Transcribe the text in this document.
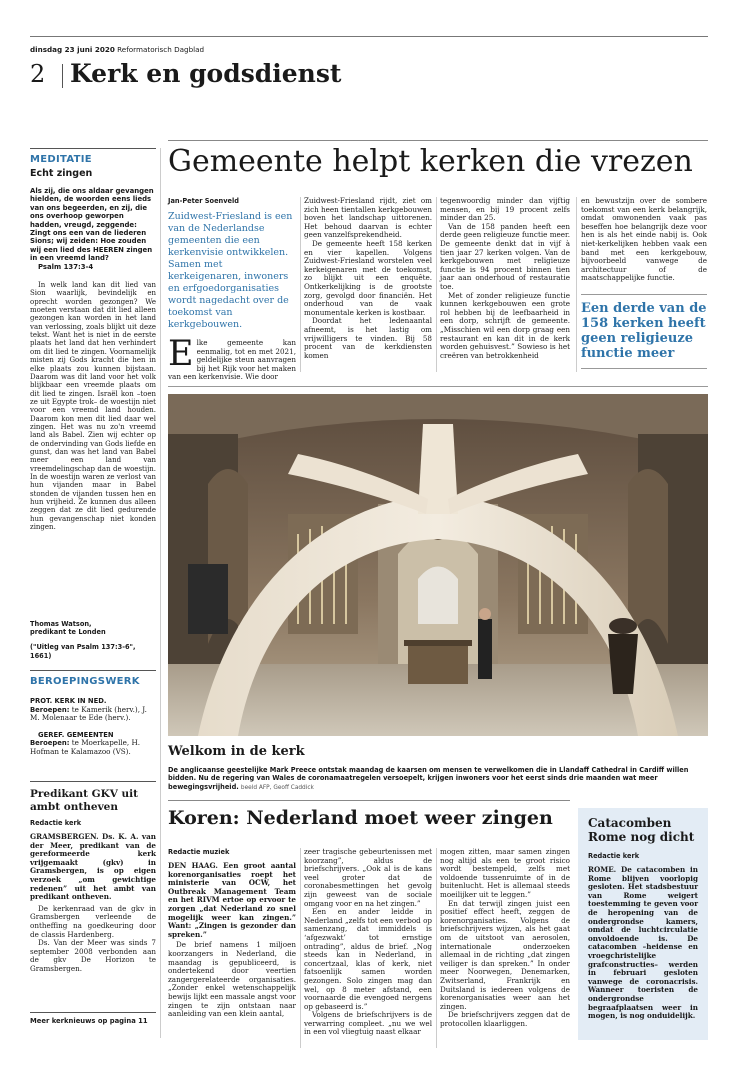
dinsdag 23 juni 2020 Reformatorisch Dagblad
2 Kerk en godsdienst
MEDITATIE
Echt zingen

Als zij, die ons aldaar gevangen hielden, de woorden eens lieds van ons begeerden, en zij, die ons overhoop geworpen hadden, vreugd, zeggende: Zingt ons een van de liederen Sions; wij zeiden: Hoe zouden wij een lied des HEEREN zingen in een vreemd land?

Psalm 137:3-4

In welk land kan dit lied van Sion waarlijk, bevindelijk en oprecht worden gezongen? We moeten verstaan dat dit lied alleen gezongen kan worden in het land van verlossing, zoals blijkt uit deze tekst. Want het is niet in de eerste plaats het land dat hen verhindert om dit lied te zingen. Voornamelijk misten zij Gods kracht die hen in elke plaats zou kunnen bijstaan. Daarom was dit land voor het volk blijkbaar een vreemde plaats om dit lied te zingen. Israël kon –toen ze uit Egypte trok– de woestijn niet voor een vreemd land houden. Daarom kon men dit lied daar wel zingen. Het was nu zo'n vreemd land als Babel. Zien wij echter op de ondervinding van Gods liefde en gunst, dan was het land van Babel meer een land van vreemdelingschap dan de woestijn. In de woestijn waren ze verlost van hun vijanden maar in Babel stonden de vijanden tussen hen en hun vrijheid. Ze kunnen dus alleen zeggen dat ze dit lied gedurende hun gevangenschap niet konden zingen.

Thomas Watson,
predikant te Londen
("Uitleg van Psalm 137:3-6", 1661)
BEROEPINGSWERK
PROT. KERK IN NED.
Beroepen: te Kamerik (herv.), J. M. Molenaar te Ede (herv.).
GEREF. GEMEENTEN
Beroepen: te Moerkapelle, H. Hofman te Kalamazoo (VS).
Predikant GKV uit ambt ontheven
Redactie kerk

GRAMSBERGEN. Ds. K. A. van der Meer, predikant van de gereformeerde kerk vrijgemaakt (gkv) in Gramsbergen, is op eigen verzoek „om gewichtige redenen” uit het ambt van predikant ontheven.

De kerkenraad van de gkv in Gramsbergen verleende de ontheffing na goedkeuring door de classis Hardenberg.

Ds. Van der Meer was sinds 7 september 2008 verbonden aan de gkv De Horizon te Gramsbergen.

Meer kerknieuws op pagina 11
Gemeente helpt kerken die vrezen
Jan-Peter Soenveld

Zuidwest-Friesland is een van de Nederlandse gemeenten die een kerkenvisie ontwikkelen. Samen met kerkeigenaren, inwoners en erfgoedorganisaties wordt nagedacht over de toekomst van kerkgebouwen.

E lke gemeente kan eenmalig, tot en met 2021, geldelijke steun aanvragen bij het Rijk voor het maken van een kerkenvisie. Wie door

Zuidwest-Friesland rijdt, ziet om zich heen tientallen kerkgebouwen boven het landschap uittorenen. Het behoud daarvan is echter geen vanzelfsprekendheid.

De gemeente heeft 158 kerken en vier kapellen. Volgens Zuidwest-Friesland worstelen veel kerkeigenaren met de toekomst, zo blijkt uit een enquête. Ontkerkelijking is de grootste zorg, gevolgd door financiën. Het onderhoud van de vaak monumentale kerken is kostbaar.

Doordat het ledenaantal afneemt, is het lastig om vrijwilligers te vinden. Bij 58 procent van de kerkdiensten komen

tegenwoordig minder dan vijftig mensen, en bij 19 procent zelfs minder dan 25.

Van de 158 panden heeft een derde geen religieuze functie meer. De gemeente denkt dat in vijf à tien jaar 27 kerken volgen. Van de kerkgebouwen met religieuze functie is 94 procent binnen tien jaar aan onderhoud of restauratie toe.

Met of zonder religieuze functie kunnen kerkgebouwen een grote rol hebben bij de leefbaarheid in een dorp, schrijft de gemeente. „Misschien wil een dorp graag een restaurant en kan dit in de kerk worden gehuisvest.” Sowieso is het creëren van betrokkenheid

en bewustzijn over de sombere toekomst van een kerk belangrijk, omdat omwonenden vaak pas beseffen hoe belangrijk deze voor hen is als het einde nabij is. Ook niet-kerkelijken hebben vaak een band met een kerkgebouw, bijvoorbeeld vanwege de architectuur of de maatschappelijke functie.

Een derde van de 158 kerken heeft geen religieuze functie meer
Welkom in de kerk
De anglicaanse geestelijke Mark Preece ontstak maandag de kaarsen om mensen te verwelkomen die in Llandaff Cathedral in Cardiff willen bidden. Nu de regering van Wales de coronamaatregelen versoepelt, krijgen inwoners voor het eerst sinds drie maanden wat meer bewegingsvrijheid. beeld AFP, Geoff Caddick
Koren: Nederland moet weer zingen
Redactie muziek

DEN HAAG. Een groot aantal korenorganisaties roept het ministerie van OCW, het Outbreak Management Team en het RIVM ertoe op ervoor te zorgen „dat Nederland zo snel mogelijk weer kan zingen.” Want: „Zingen is gezonder dan spreken.”

De brief namens 1 miljoen koorzangers in Nederland, die maandag is gepubliceerd, is ondertekend door veertien zangergerelateerde organisaties. „Zonder enkel wetenschappelijk bewijs lijkt een massale angst voor zingen te zijn ontstaan naar aanleiding van een klein aantal,

zeer tragische gebeurtenissen met koorzang”, aldus de briefschrijvers. „Ook al is de kans veel groter dat de coronabesmettingen het gevolg zijn geweest van de sociale omgang voor en na het zingen.”

Een en ander leidde in Nederland „zelfs tot een verbod op samenzang, dat immiddels is ‘afgezwakt’ tot ernstige ontrading”, aldus de brief. „Nog steeds kan in Nederland, in concertzaal, klas of kerk, niet fatsoenlijk samen worden gezongen. Solo zingen mag dan wel, op 8 meter afstand, een voornaarde die evengoed nergens op gebaseerd is.”

Volgens de briefschrijvers is de verwarring compleet. „nu we wel in een vol vliegtuig naast elkaar

mogen zitten, maar samen zingen nog altijd als een te groot risico wordt bestempeld, zelfs met voldoende tussenruimte of in de buitenlucht. Het is allemaal steeds moeilijker uit te leggen.”

En dat terwijl zingen juist een positief effect heeft, zeggen de korenorganisaties. Volgens de briefschrijvers wijzen, als het gaat om de uitstoot van aerosolen, internationale onderzoeken allemaal in de richting „dat zingen veiliger is dan spreken.” In onder meer Noorwegen, Denemarken, Zwitserland, Frankrijk en Duitsland is iedereen volgens de korenorganisaties weer aan het zingen.

De briefschrijvers zeggen dat de protocollen klaarliggen.

Catacomben Rome nog dicht
Redactie kerk

ROME. De catacomben in Rome blijven voorlopig gesloten. Het stadsbestuur van Rome weigert toestemming te geven voor de heropening van de ondergrondse kamers, omdat de luchtcirculatie onvoldoende is. De catacomben –heidense en vroegchristelijke grafconstructies– werden in februari gesloten vanwege de coronacrisis. Wanneer toeristen de ondergrondse begraafplaatsen weer in mogen, is nog onduidelijk.
